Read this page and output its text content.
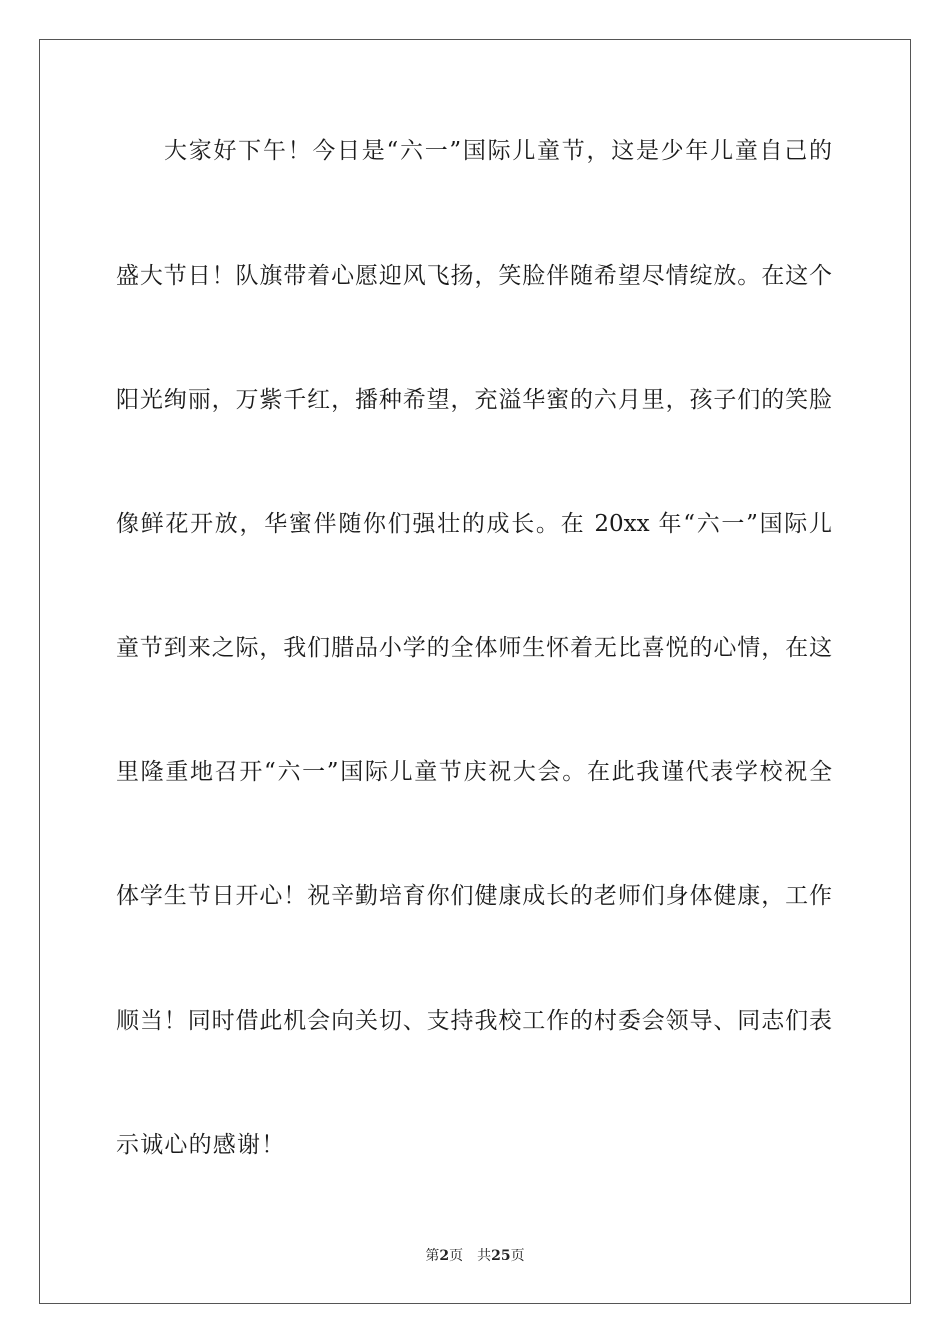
大家好下午！今日是“六一”国际儿童节，这是少年儿童自己的
盛大节日！队旗带着心愿迎风飞扬，笑脸伴随希望尽情绽放。在这个
阳光绚丽，万紫千红，播种希望，充溢华蜜的六月里，孩子们的笑脸
像鲜花开放，华蜜伴随你们强壮的成长。在 20xx 年“六一”国际儿
童节到来之际，我们腊品小学的全体师生怀着无比喜悦的心情，在这
里隆重地召开“六一”国际儿童节庆祝大会。在此我谨代表学校祝全
体学生节日开心！祝辛勤培育你们健康成长的老师们身体健康，工作
顺当！同时借此机会向关切、支持我校工作的村委会领导、同志们表
示诚心的感谢！
第2页 共25页
